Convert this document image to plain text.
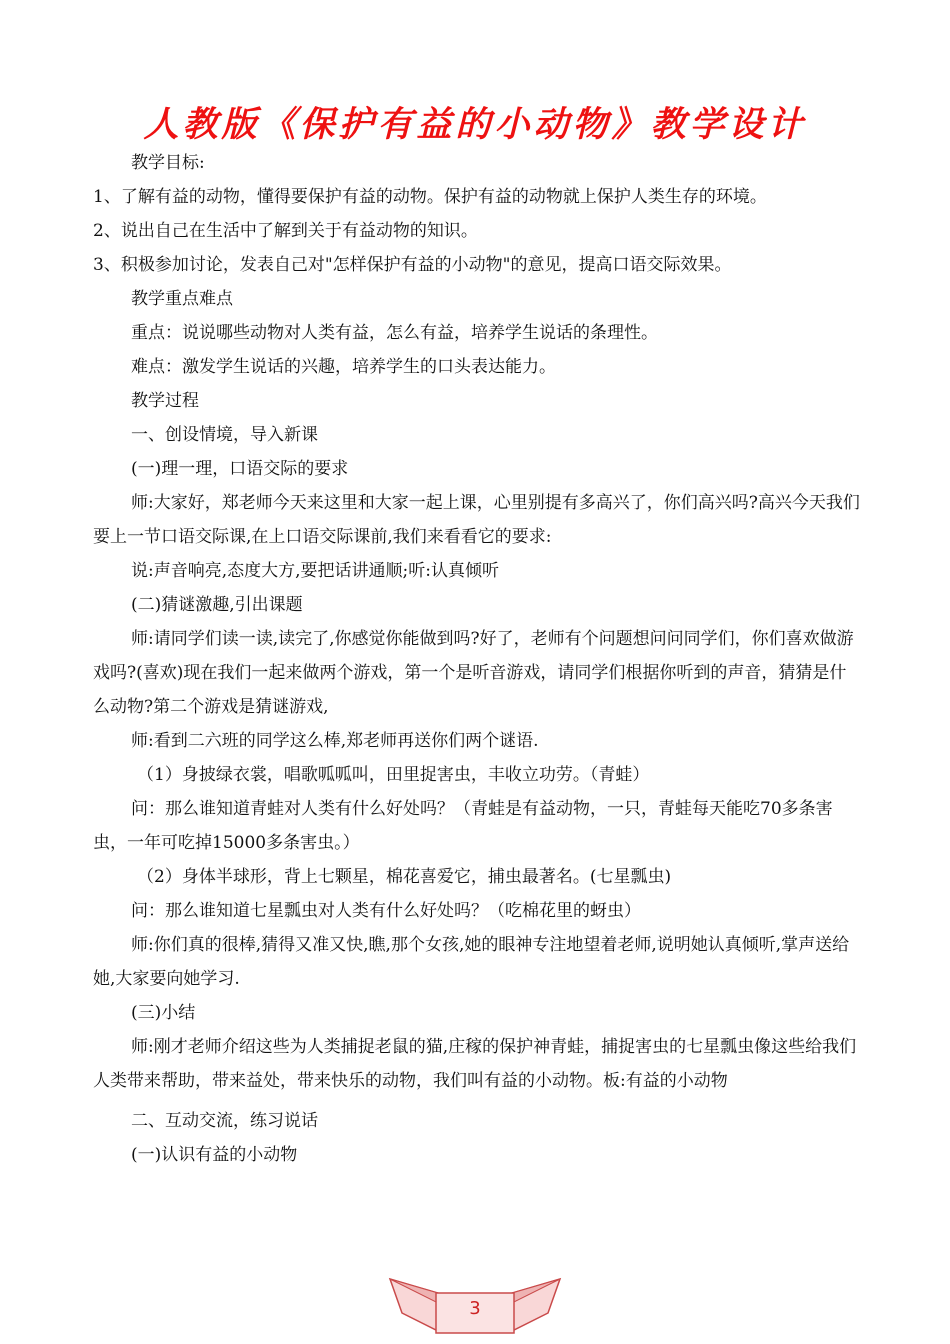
人教版《保护有益的小动物》教学设计

教学目标:

1、了解有益的动物，懂得要保护有益的动物。保护有益的动物就上保护人类生存的环境。

2、说出自己在生活中了解到关于有益动物的知识。

3、积极参加讨论，发表自己对"怎样保护有益的小动物"的意见，提高口语交际效果。

教学重点难点

重点：说说哪些动物对人类有益，怎么有益，培养学生说话的条理性。

难点：激发学生说话的兴趣，培养学生的口头表达能力。

教学过程

一、创设情境，导入新课

(一)理一理，口语交际的要求

师:大家好，郑老师今天来这里和大家一起上课，心里别提有多高兴了，你们高兴吗?高兴今天我们要上一节口语交际课,在上口语交际课前,我们来看看它的要求:

说:声音响亮,态度大方,要把话讲通顺;听:认真倾听

(二)猜谜激趣,引出课题

师:请同学们读一读,读完了,你感觉你能做到吗?好了，老师有个问题想问问同学们，你们喜欢做游戏吗?(喜欢)现在我们一起来做两个游戏，第一个是听音游戏，请同学们根据你听到的声音，猜猜是什么动物?第二个游戏是猜谜游戏,

师:看到二六班的同学这么棒,郑老师再送你们两个谜语.

（1）身披绿衣裳，唱歌呱呱叫，田里捉害虫，丰收立功劳。（青蛙）

问：那么谁知道青蛙对人类有什么好处吗？（青蛙是有益动物，一只，青蛙每天能吃70多条害虫，一年可吃掉15000多条害虫。）

（2）身体半球形，背上七颗星，棉花喜爱它，捕虫最著名。(七星瓢虫)

问：那么谁知道七星瓢虫对人类有什么好处吗？（吃棉花里的蚜虫）

师:你们真的很棒,猜得又准又快,瞧,那个女孩,她的眼神专注地望着老师,说明她认真倾听,掌声送给她,大家要向她学习.

(三)小结

师:刚才老师介绍这些为人类捕捉老鼠的猫,庄稼的保护神青蛙，捕捉害虫的七星瓢虫像这些给我们人类带来帮助，带来益处，带来快乐的动物，我们叫有益的小动物。板:有益的小动物

二、互动交流，练习说话

(一)认识有益的小动物

3
